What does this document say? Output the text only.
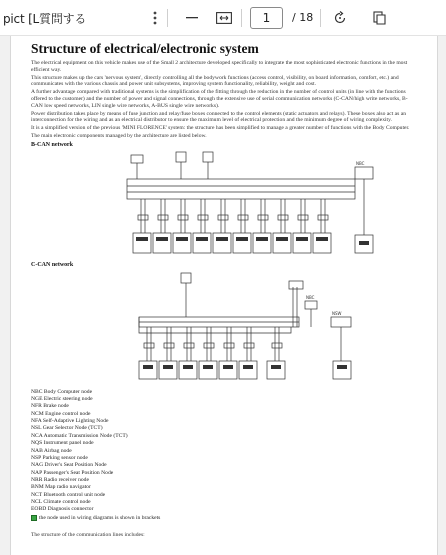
pict [L質問する
1	/ 18
Structure of electrical/electronic system

The electrical equipment on this vehicle makes use of the Small 2 architecture developed specifically to integrate the most sophisticated electronic functions in the most efficient way.

This structure makes up the cars 'nervous system', directly controlling all the bodywork functions (access control, visibility, on board information, comfort, etc.) and communicates with the various chassis and power unit subsystems, improving system functionality, reliability, weight and cost.

A further advantage compared with traditional systems is the simplification of the fitting through the reduction in the number of control units (in line with the functions offered to the customer) and the number of power and signal connections, through the extensive use of serial communication networks (C-CAN/high write networks, B-CAN low speed networks, LIN single wire networks, A-BUS single wire networks).

Power distribution takes place by means of fuse junction and relay/fuse boxes connected to the control elements (static actuators and relays). These boxes also act as an interconnection for the wiring and as an electrical distributor to ensure the maximum level of electrical protection and the minimum degree of wiring complexity.

It is a simplified version of the previous 'MINI FLORENCE' system: the structure has been simplified to manage a greater number of functions with the Body Computer.

The main electronic components managed by the architecture are listed below.

B-CAN network
NBC
C-CAN network
NSW
NBC
NBC Body Computer node
NGE Electric steering node
NFR Brake node
NCM Engine control node
NFA Self-Adaptive Lighting Node
NSL Gear Selector Node (TCT)
NCA Automatic Transmission Node (TCT)
NQS Instrument panel node
NAB Airbag node
NSP Parking sensor node
NAG Driver's Seat Position Node
NAP Passenger's Seat Position Node
NRR Radio receiver node
BNM Map radio navigator
NCT Bluetooth control unit node
NCL Climate control node
EOBD Diagnosis connector
the node used in wiring diagrams is shown in brackets
The structure of the communication lines includes:
